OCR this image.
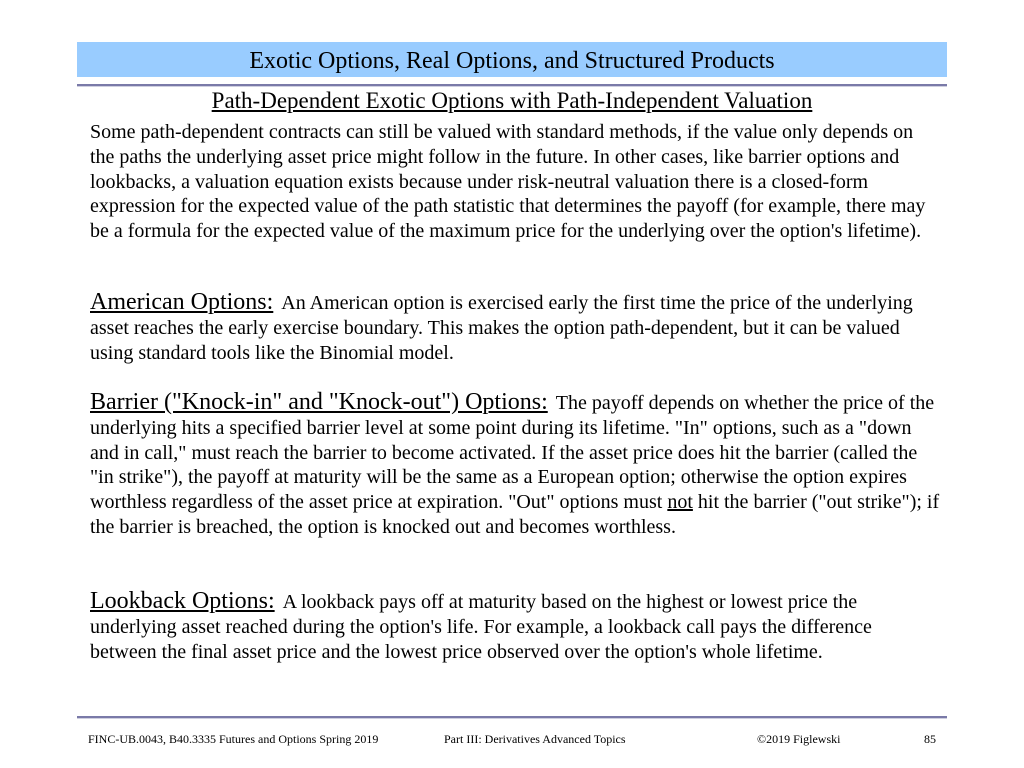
Exotic Options, Real Options, and Structured Products
Path-Dependent Exotic Options with Path-Independent Valuation
Some path-dependent contracts can still be valued with standard methods, if the value only depends on the paths the underlying asset price might follow in the future. In other cases, like barrier options and lookbacks, a valuation equation exists because under risk-neutral valuation there is a closed-form expression for the expected value of the path statistic that determines the payoff (for example, there may be a formula for the expected value of the maximum price for the underlying over the option's lifetime).
American Options: An American option is exercised early the first time the price of the underlying asset reaches the early exercise boundary. This makes the option path-dependent, but it can be valued using standard tools like the Binomial model.
Barrier ("Knock-in" and "Knock-out") Options: The payoff depends on whether the price of the underlying hits a specified barrier level at some point during its lifetime. "In" options, such as a "down and in call," must reach the barrier to become activated. If the asset price does hit the barrier (called the "in strike"), the payoff at maturity will be the same as a European option; otherwise the option expires worthless regardless of the asset price at expiration. "Out" options must not hit the barrier ("out strike"); if the barrier is breached, the option is knocked out and becomes worthless.
Lookback Options: A lookback pays off at maturity based on the highest or lowest price the underlying asset reached during the option's life. For example, a lookback call pays the difference between the final asset price and the lowest price observed over the option's whole lifetime.
FINC-UB.0043, B40.3335 Futures and Options Spring 2019	Part III: Derivatives Advanced Topics	©2019 Figlewski	85
